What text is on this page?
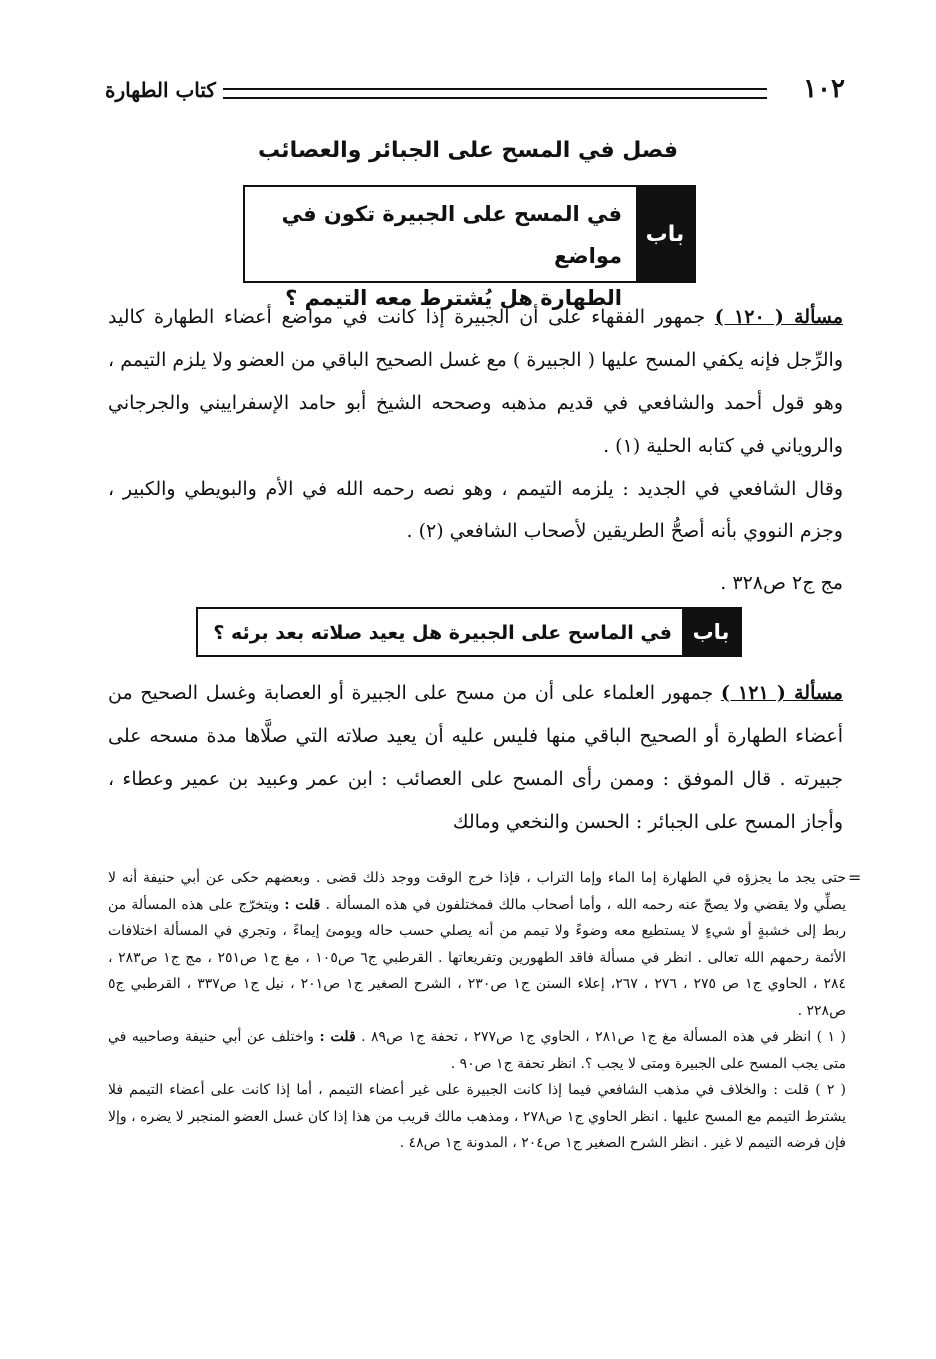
١٠٢
كتاب الطهارة
فصل في المسح على الجبائر والعصائب
باب
في المسح على الجبيرة تكون في مواضع
الطهارة هل يُشترط معه التيمم ؟
مسألة ( ١٢٠ ) جمهور الفقهاء على أن الجبيرة إذا كانت في مواضع أعضاء الطهارة كاليد والرِّجل فإنه يكفي المسح عليها ( الجبيرة ) مع غسل الصحيح الباقي من العضو ولا يلزم التيمم ، وهو قول أحمد والشافعي في قديم مذهبه وصححه الشيخ أبو حامد الإسفراييني والجرجاني والروياني في كتابه الحلية (١) .
وقال الشافعي في الجديد : يلزمه التيمم ، وهو نصه رحمه الله في الأم والبويطي والكبير ، وجزم النووي بأنه أصحُّ الطريقين لأصحاب الشافعي (٢) .
مج ج٢ ص٣٢٨ .
باب
في الماسح على الجبيرة هل يعيد صلاته بعد برئه ؟
مسألة ( ١٢١ ) جمهور العلماء على أن من مسح على الجبيرة أو العصابة وغسل الصحيح من أعضاء الطهارة أو الصحيح الباقي منها فليس عليه أن يعيد صلاته التي صلَّاها مدة مسحه على جبيرته . قال الموفق : وممن رأى المسح على العصائب : ابن عمر وعبيد بن عمير وعطاء ، وأجاز المسح على الجبائر : الحسن والنخعي ومالك
=

حتى يجد ما يجزؤه في الطهارة إما الماء وإما التراب ، فإذا خرج الوقت ووجد ذلك قضى . وبعضهم حكى عن أبي حنيفة أنه لا يصلِّي ولا يقضي ولا يصحّ عنه رحمه الله ، وأما أصحاب مالك فمختلفون في هذه المسألة . قلت : ويتخرّج على هذه المسألة من ربط إلى خشبةٍ أو شيءٍ لا يستطيع معه وضوءً ولا تيمم من أنه يصلي حسب حاله ويومئ إيماءً ، وتجري في المسألة اختلافات الأئمة رحمهم الله تعالى . انظر في مسألة فاقد الطهورين وتفريعاتها . القرطبي ج٦ ص١٠٥ ، مغ ج١ ص٢٥١ ، مج ج١ ص٢٨٣ ، ٢٨٤ ، الحاوي ج١ ص ٢٧٥ ، ٢٧٦ ، ٢٦٧، إعلاء السنن ج١ ص٢٣٠ ، الشرح الصغير ج١ ص٢٠١ ، نيل ج١ ص٣٣٧ ، القرطبي ج٥ ص٢٢٨ .

( ١ ) انظر في هذه المسألة مغ ج١ ص٢٨١ ، الحاوي ج١ ص٢٧٧ ، تحفة ج١ ص٨٩ . قلت : واختلف عن أبي حنيفة وصاحبيه في متى يجب المسح على الجبيرة ومتى لا يجب ؟. انظر تحفة ج١ ص٩٠ .

( ٢ ) قلت : والخلاف في مذهب الشافعي فيما إذا كانت الجبيرة على غير أعضاء التيمم ، أما إذا كانت على أعضاء التيمم فلا يشترط التيمم مع المسح عليها . انظر الحاوي ج١ ص٢٧٨ ، ومذهب مالك قريب من هذا إذا كان غسل العضو المنجبر لا يضره ، وإلا فإن فرضه التيمم لا غير . انظر الشرح الصغير ج١ ص٢٠٤ ، المدونة ج١ ص٤٨ .
